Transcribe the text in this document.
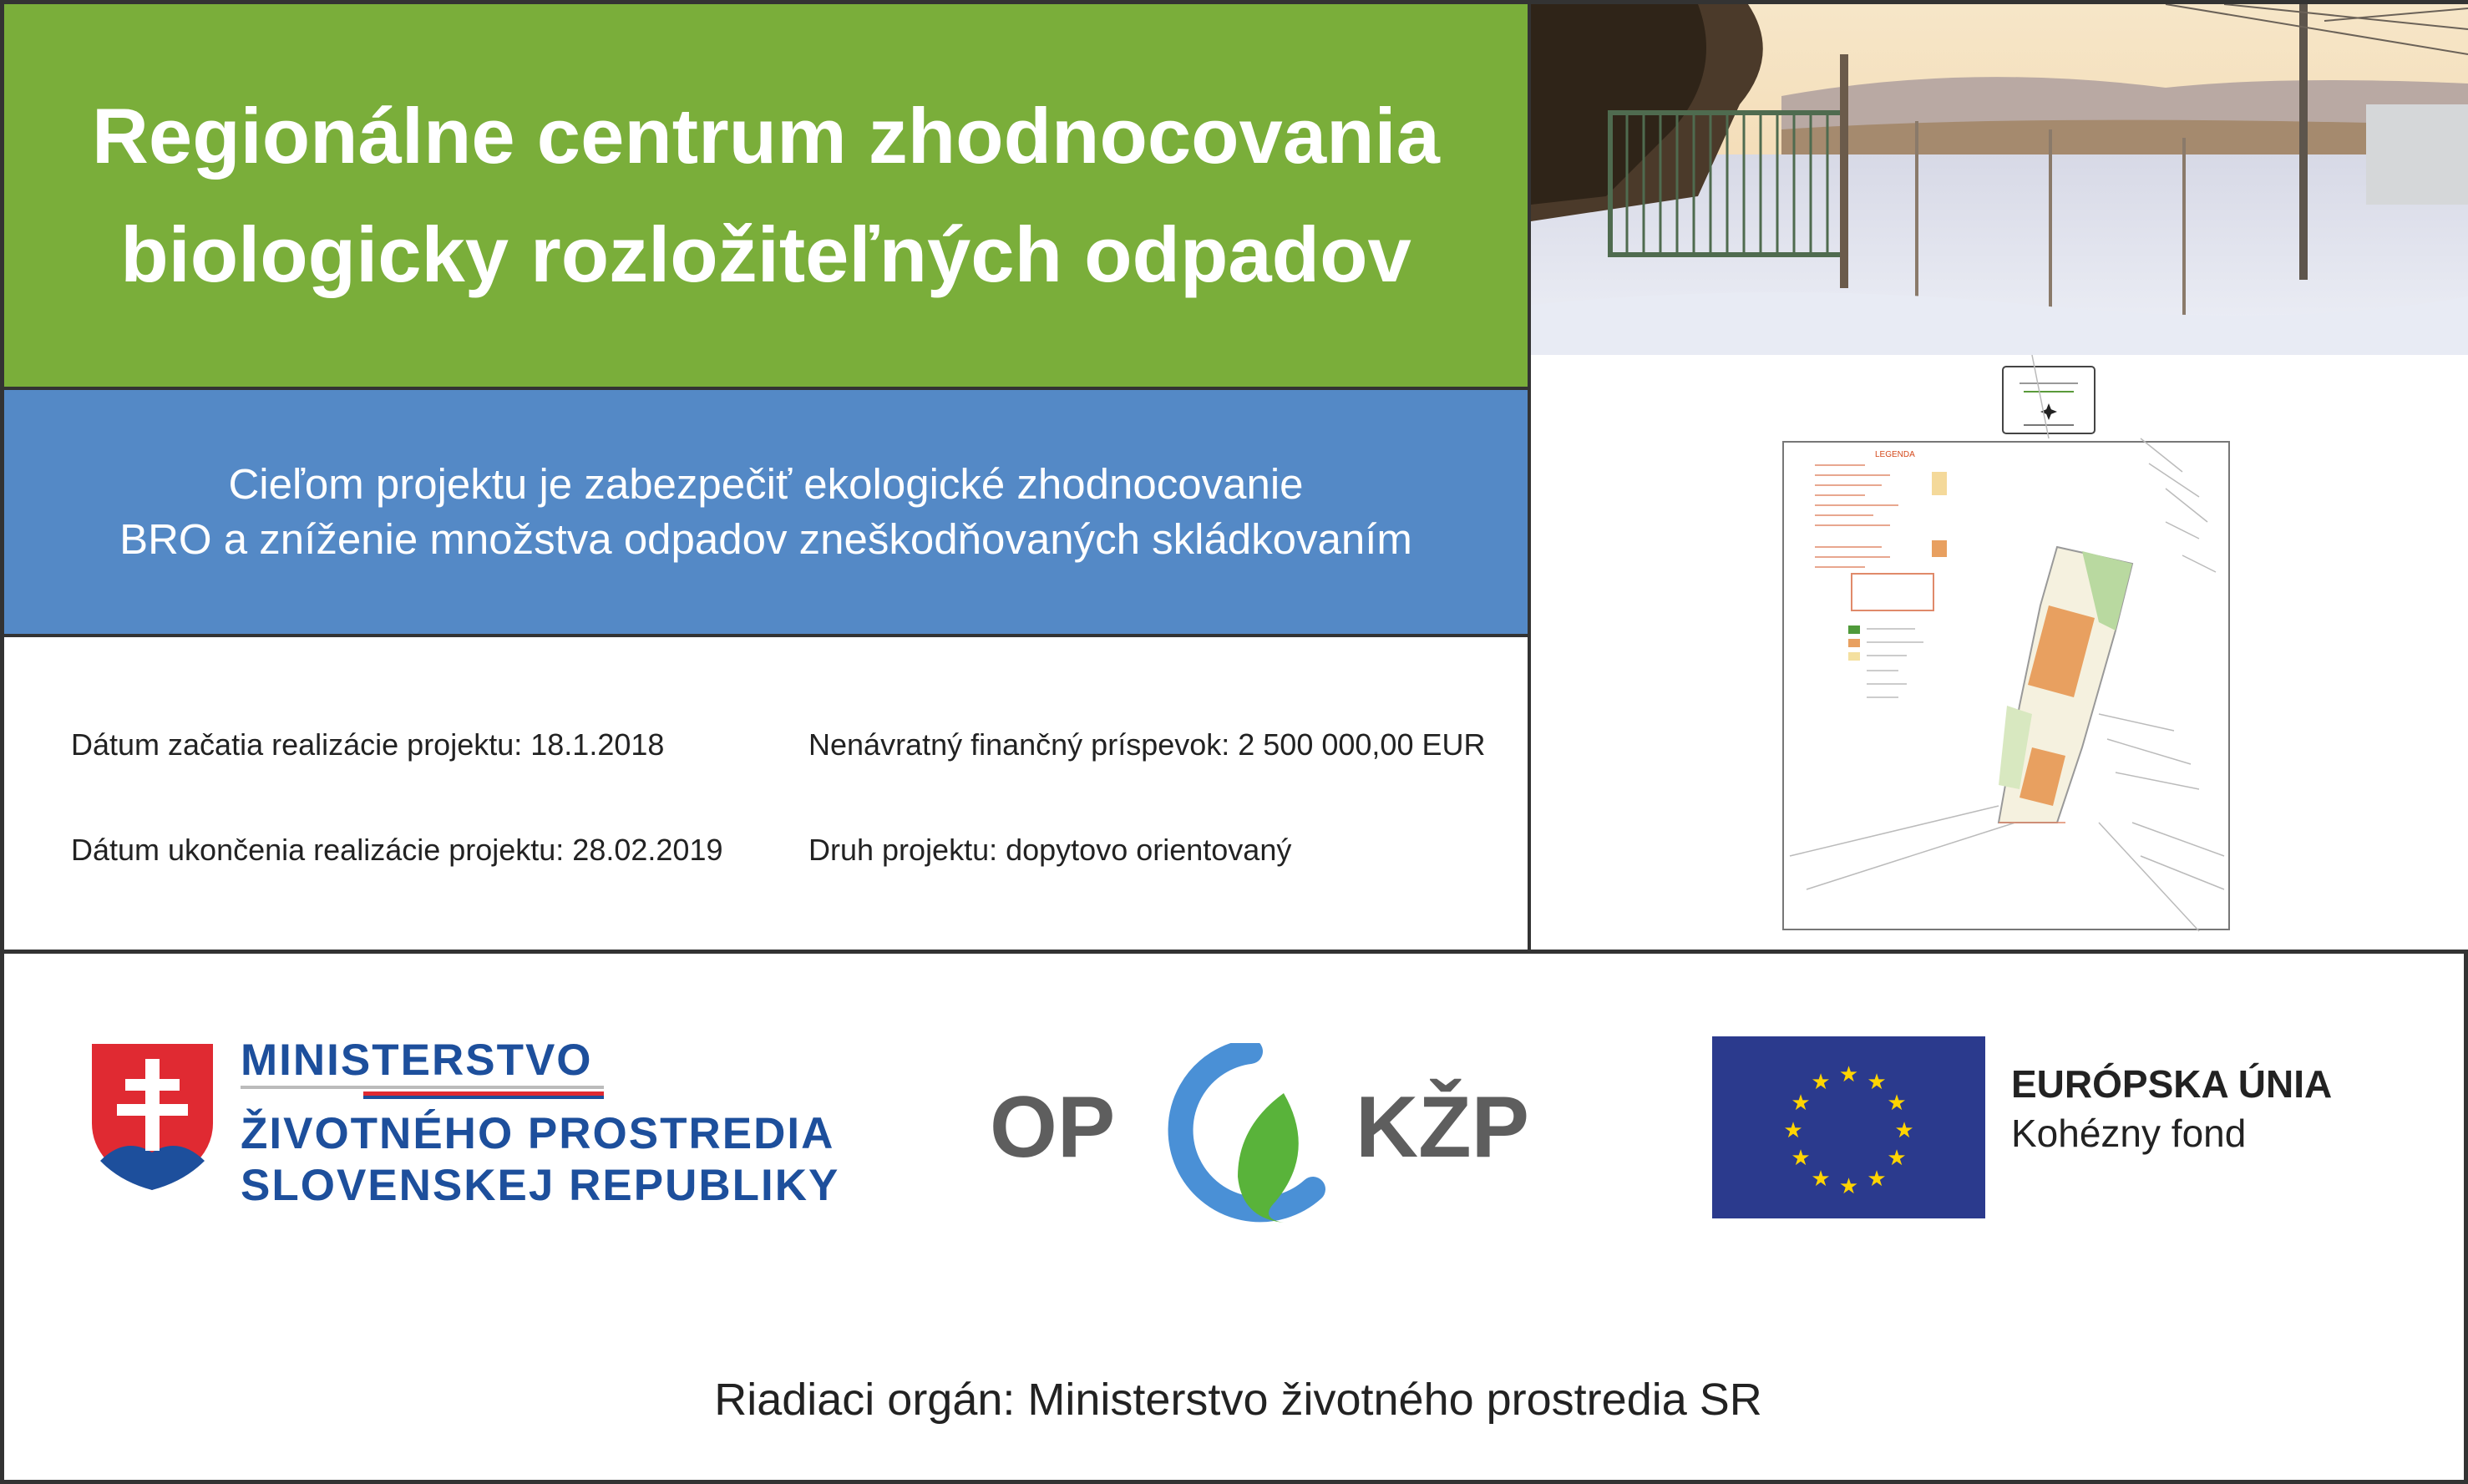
Regionálne centrum zhodnocovania
biologicky rozložiteľných odpadov
Cieľom projektu je zabezpečiť ekologické zhodnocovanie
BRO a zníženie množstva odpadov zneškodňovaných skládkovaním
Dátum začatia realizácie projektu: 18.1.2018
Dátum ukončenia realizácie projektu: 28.02.2019
Nenávratný finančný príspevok: 2 500 000,00 EUR
Druh projektu: dopytovo orientovaný
LEGENDA
MINISTERSTVO
ŽIVOTNÉHO PROSTREDIA
SLOVENSKEJ REPUBLIKY
OP	KŽP
★ ★
★
★
★
★
★
★
★
★
★
★	EURÓPSKA ÚNIA
Kohézny fond
Riadiaci orgán: Ministerstvo životného prostredia SR
